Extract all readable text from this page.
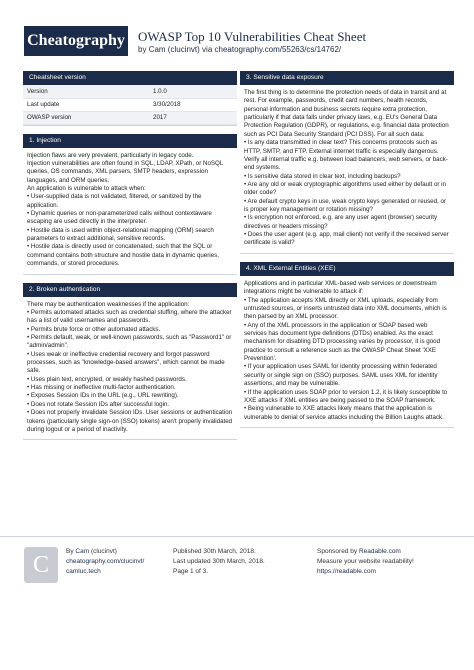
Cheatography OWASP Top 10 Vulnerabilities Cheat Sheet
by Cam (clucinvt) via cheatography.com/55263/cs/14762/
Cheatsheet version
Version	1.0.0
Last update	3/30/2018
OWASP version	2017
1. Injection

Injection flaws are very prevalent, particularly in legacy code.

Injection vulnerabilities are often found in SQL, LDAP, XPath, or NoSQL queries, OS commands, XML parsers, SMTP headers, expression languages, and ORM queries.

An application is vulnerable to attack when:

• User-supplied data is not validated, filtered, or sanitized by the application.

• Dynamic queries or non-parameterized calls without contextaware escaping are used directly in the interpreter.

• Hostile data is used within object-relational mapping (ORM) search parameters to extract additional, sensitive records.

• Hostile data is directly used or concatenated, such that the SQL or command contains both structure and hostile data in dynamic queries, commands, or stored procedures.

2. Broken authentication

There may be authentication weaknesses if the application:

• Permits automated attacks such as credential stuffing, where the attacker has a list of valid usernames and passwords.

• Permits brute force or other automated attacks.

• Permits default, weak, or well-known passwords, such as "Password1" or "admin/admin".

• Uses weak or ineffective credential recovery and forgot password processes, such as "knowledge-based answers", which cannot be made safe.

• Uses plain text, encrypted, or weakly hashed passwords.

• Has missing or ineffective multi-factor authentication.

• Exposes Session IDs in the URL (e.g., URL rewriting).

• Does not rotate Session IDs after successful login.

• Does not properly invalidate Session IDs. User sessions or authentication tokens (particularly single sign-on (SSO) tokens) aren't properly invalidated during logout or a period of inactivity.

3. Sensitive data exposure

The first thing is to determine the protection needs of data in transit and at rest. For example, passwords, credit card numbers, health records, personal information and business secrets require extra protection, particularly if that data falls under privacy laws, e.g. EU's General Data Protection Regulation (GDPR), or regulations, e.g. financial data protection such as PCI Data Security Standard (PCI DSS). For all such data:

• Is any data transmitted in clear text? This concerns protocols such as HTTP, SMTP, and FTP. External internet traffic is especially dangerous. Verify all internal traffic e.g. between load balancers, web servers, or back-end systems.

• Is sensitive data stored in clear text, including backups?

• Are any old or weak cryptographic algorithms used either by default or in older code?

• Are default crypto keys in use, weak crypto keys generated or reused, or is proper key management or rotation missing?

• Is encryption not enforced, e.g. are any user agent (browser) security directives or headers missing?

• Does the user agent (e.g. app, mail client) not verify if the received server certificate is valid?

4. XML External Entities (XEE)

Applications and in particular XML-based web services or downstream integrations might be vulnerable to attack if:

• The application accepts XML directly or XML uploads, especially from untrusted sources, or inserts untrusted data into XML documents, which is then parsed by an XML processor.

• Any of the XML processors in the application or SOAP based web services has document type definitions (DTDs) enabled. As the exact mechanism for disabling DTD processing varies by processor, it is good practice to consult a reference such as the OWASP Cheat Sheet 'XXE Prevention'.

• If your application uses SAML for identity processing within federated security or single sign on (SSO) purposes. SAML uses XML for identity assertions, and may be vulnerable.

• If the application uses SOAP prior to version 1.2, it is likely susceptible to XXE attacks if XML entities are being passed to the SOAP framework.

• Being vulnerable to XXE attacks likely means that the application is vulnerable to denial of service attacks including the Billion Laughs attack.

C	By Cam (clucinvt)
cheatography.com/clucinvt/
camluc.tech
Published 30th March, 2018.
Last updated 30th March, 2018.
Page 1 of 3.
Sponsored by Readable.com
Measure your website readability!
https://readable.com
